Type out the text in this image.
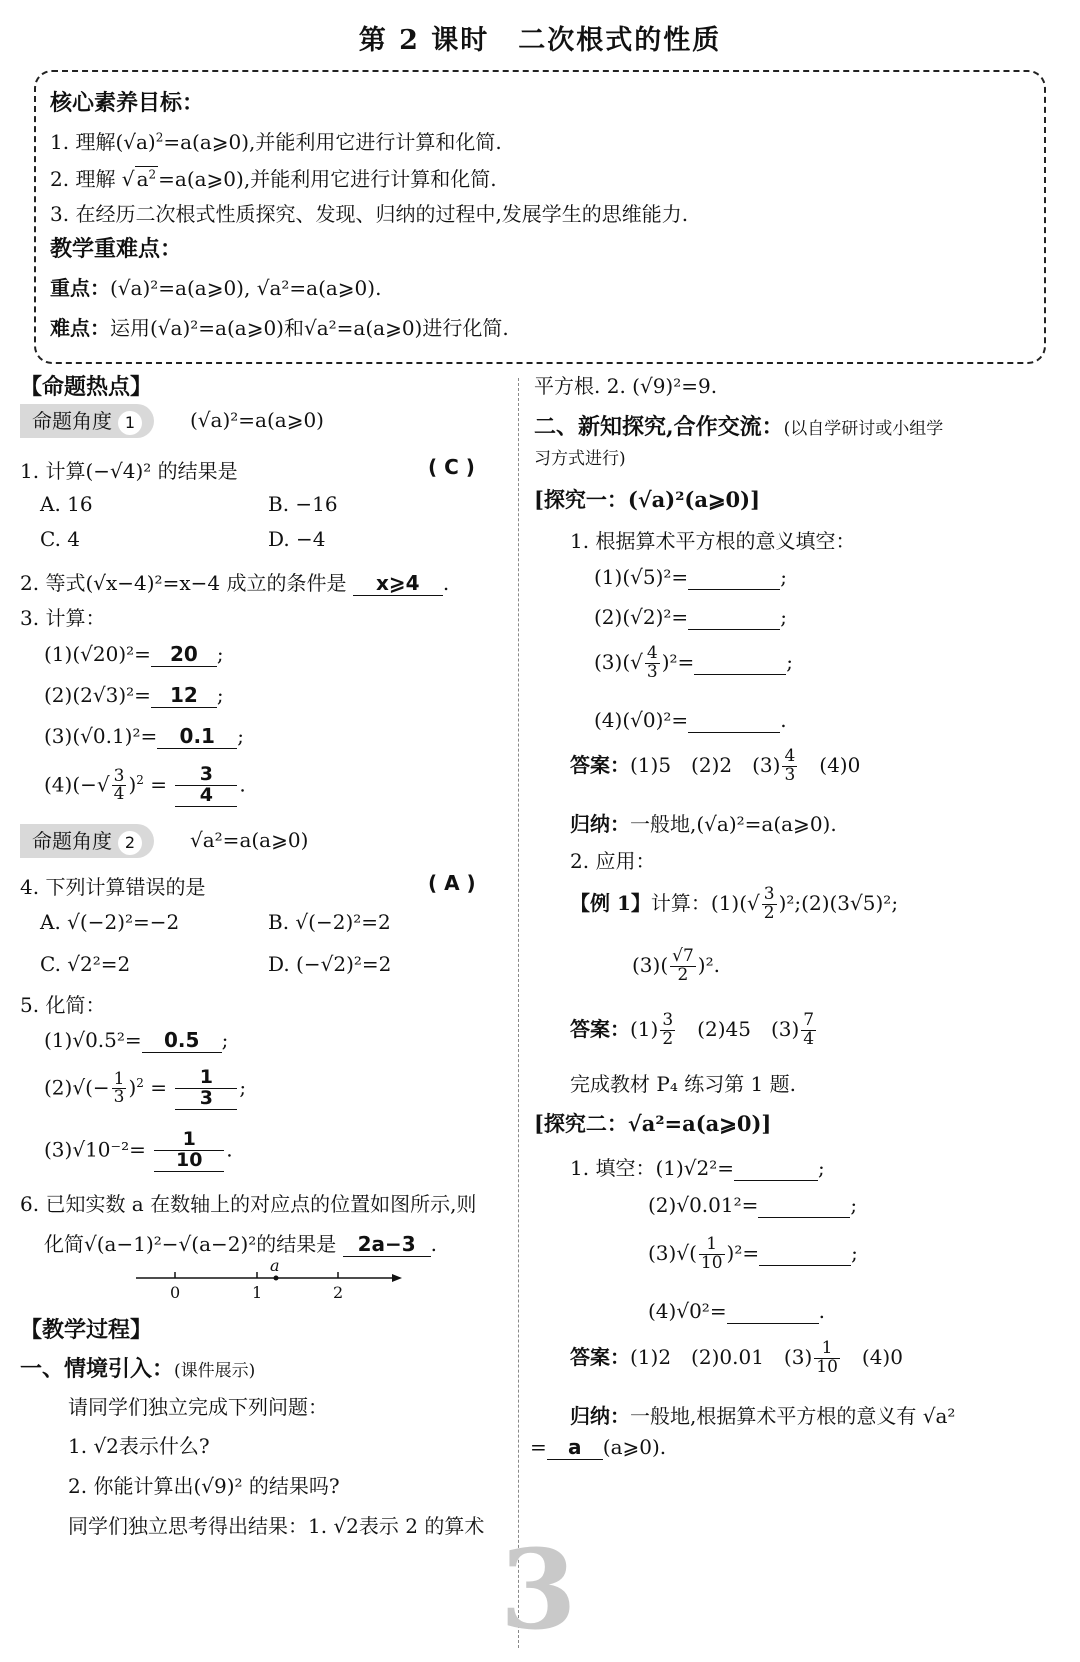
第 2 课时　二次根式的性质
核心素养目标：
1. 理解$(√a)^2=a(a⩾0)$,并能利用它进行计算和化简.
2. 理解 √ $a^2$ =a(a⩾0),并能利用它进行计算和化简.
3. 在经历二次根式性质探究、发现、归纳的过程中,发展学生的思维能力.
教学重难点：
重点：(√a)²=a(a⩾0), √a²=a(a⩾0).
难点：运用(√a)²=a(a⩾0)和√a²=a(a⩾0)进行化简.
【命题热点】
命题角度 1	(√a)²=a(a⩾0)
1. 计算(−√4)² 的结果是	( C )
A. 16	B. −16
C. 4	D. −4
2. 等式(√x−4)²=x−4 成立的条件是 x⩾4 .
3. 计算：
(1)(√20)²= 20 ;
(2)(2√3)²= 12 ;
(3)(√0.1)²= 0.1 ;
$(4)(-√ \frac{3}{4} )^2 = \frac{3}{4}$ .
命题角度 2	√a²=a(a⩾0)
4. 下列计算错误的是	( A )
A. √(−2)²=−2	B. √(−2)²=2
C. √2²=2	D. (−√2)²=2
5. 化简：
(1)√0.5²= 0.5 ;
$(2)√(- \frac{1}{3} )^2 = \frac{1}{3}$ ;
$(3)√10^{-2}= \frac{1}{10}$ .
6. 已知实数 a 在数轴上的对应点的位置如图所示,则
化简√(a−1)²−√(a−2)²的结果是 2a−3 .
a
0	1	2
【教学过程】
一、情境引入：(课件展示)
请同学们独立完成下列问题：
1. √2表示什么?
2. 你能计算出(√9)² 的结果吗?
同学们独立思考得出结果：1. √2表示 2 的算术
平方根. 2. (√9)²=9.
二、新知探究,合作交流：(以自学研讨或小组学
习方式进行)
[探究一：(√a)²(a⩾0)]
1. 根据算术平方根的意义填空：
(1)(√5)²=	;
(2)(√2)²=	;
$(3)(√ \frac{4}{3} )^2=$	;
(4)(√0)²=	.
答案：(1)5　(2)2　$(3) \frac{4}{3}$ 　(4)0
归纳：一般地,(√a)²=a(a⩾0).
2. 应用：
【例 1】计算：$(1)(√ \frac{3}{2}$ )²;(2)(3√5)²;
$(3)( \frac{√7}{2} )^2$.
答案：$(1) \frac{3}{2}$ 　(2)45　$(3) \frac{7}{4}$
完成教材 P₄ 练习第 1 题.
[探究二：√a²=a(a⩾0)]
1. 填空：(1)√2²=	;
(2)√0.01²=	;
$(3)√( \frac{1}{10} )^2=$	;
(4)√0²=	.
答案：(1)2　(2)0.01　$(3) \frac{1}{10}$ 　(4)0
归纳：一般地,根据算术平方根的意义有 √a²
= a (a⩾0).
3
